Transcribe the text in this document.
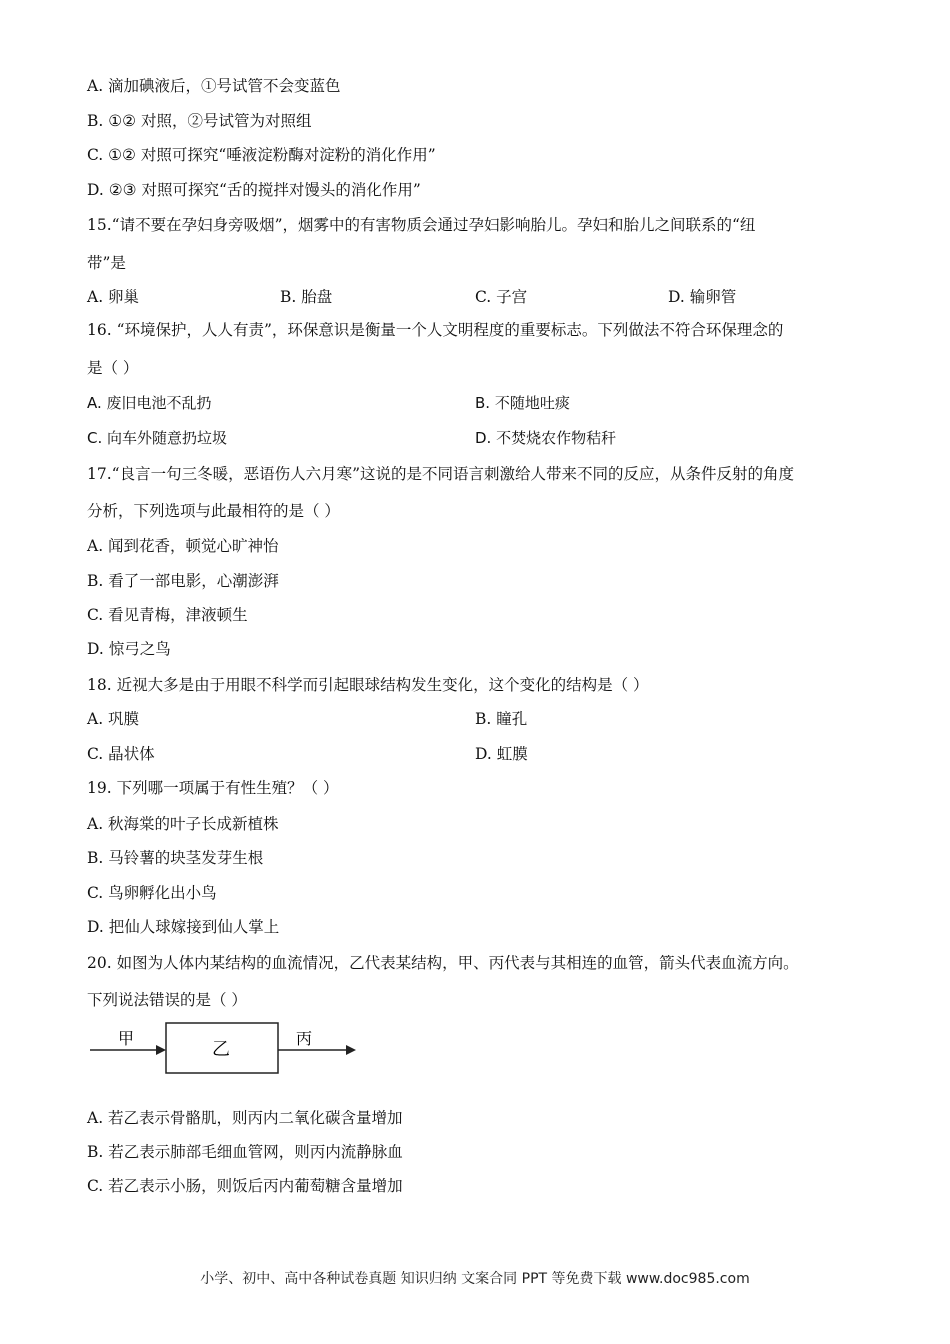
A. 滴加碘液后，①号试管不会变蓝色
B. ①② 对照，②号试管为对照组
C. ①② 对照可探究“唾液淀粉酶对淀粉的消化作用”
D. ②③ 对照可探究“舌的搅拌对馒头的消化作用”
15.“请不要在孕妇身旁吸烟”，烟雾中的有害物质会通过孕妇影响胎儿。孕妇和胎儿之间联系的“纽
带”是
A. 卵巢	B. 胎盘	C. 子宫	D. 输卵管
16. “环境保护，人人有责”，环保意识是衡量一个人文明程度的重要标志。下列做法不符合环保理念的
是（ ）
A. 废旧电池不乱扔	B. 不随地吐痰
C. 向车外随意扔垃圾	D. 不焚烧农作物秸秆
17.“良言一句三冬暖，恶语伤人六月寒”这说的是不同语言刺激给人带来不同的反应，从条件反射的角度
分析，下列选项与此最相符的是（ ）
A. 闻到花香，顿觉心旷神怡
B. 看了一部电影，心潮澎湃
C. 看见青梅，津液顿生
D. 惊弓之鸟
18. 近视大多是由于用眼不科学而引起眼球结构发生变化，这个变化的结构是（ ）
A. 巩膜	B. 瞳孔
C. 晶状体	D. 虹膜
19. 下列哪一项属于有性生殖？（ ）
A. 秋海棠的叶子长成新植株
B. 马铃薯的块茎发芽生根
C. 鸟卵孵化出小鸟
D. 把仙人球嫁接到仙人掌上
20. 如图为人体内某结构的血流情况，乙代表某结构，甲、丙代表与其相连的血管，箭头代表血流方向。
下列说法错误的是（ ）
甲
乙
丙
A. 若乙表示骨骼肌，则丙内二氧化碳含量增加
B. 若乙表示肺部毛细血管网，则丙内流静脉血
C. 若乙表示小肠，则饭后丙内葡萄糖含量增加
小学、初中、高中各种试卷真题 知识归纳 文案合同 PPT 等免费下载 www.doc985.com
